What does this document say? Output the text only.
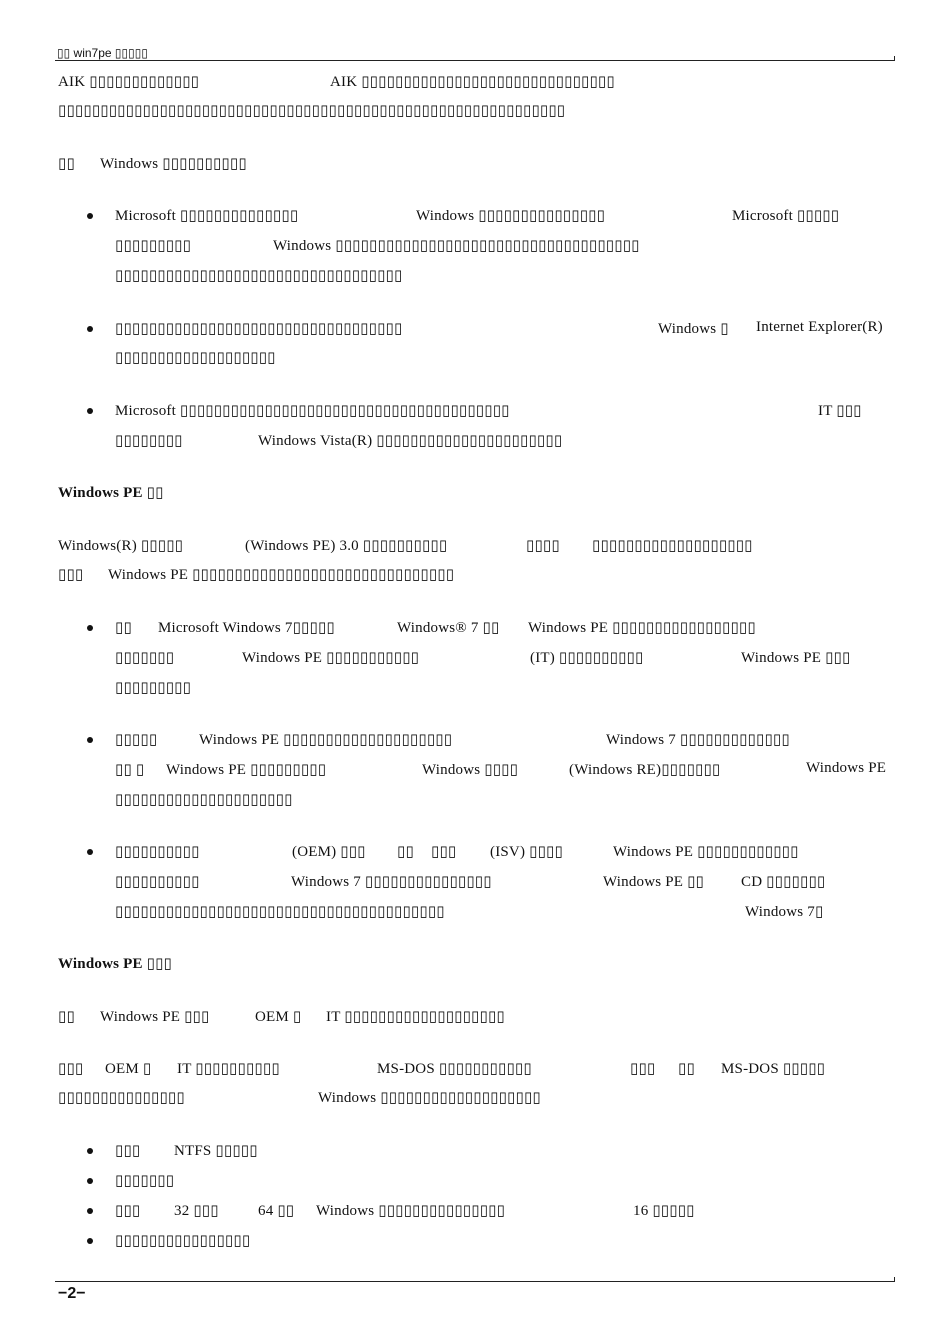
▯▯ win7pe ▯▯▯▯▯
AIK ▯▯▯▯▯▯▯▯▯▯▯▯▯	AIK ▯▯▯▯▯▯▯▯▯▯▯▯▯▯▯▯▯▯▯▯▯▯▯▯▯▯▯▯▯▯
▯▯▯▯▯▯▯▯▯▯▯▯▯▯▯▯▯▯▯▯▯▯▯▯▯▯▯▯▯▯▯▯▯▯▯▯▯▯▯▯▯▯▯▯▯▯▯▯▯▯▯▯▯▯▯▯▯▯▯▯
▯▯ Windows ▯▯▯▯▯▯▯▯▯▯
Microsoft ▯▯▯▯▯▯▯▯▯▯▯▯▯▯	Windows ▯▯▯▯▯▯▯▯▯▯▯▯▯▯▯	Microsoft ▯▯▯▯▯
▯▯▯▯▯▯▯▯▯	Windows ▯▯▯▯▯▯▯▯▯▯▯▯▯▯▯▯▯▯▯▯▯▯▯▯▯▯▯▯▯▯▯▯▯▯▯▯
▯▯▯▯▯▯▯▯▯▯▯▯▯▯▯▯▯▯▯▯▯▯▯▯▯▯▯▯▯▯▯▯▯▯
▯▯▯▯▯▯▯▯▯▯▯▯▯▯▯▯▯▯▯▯▯▯▯▯▯▯▯▯▯▯▯▯▯▯	Windows ▯ Internet Explorer(R)
▯▯▯▯▯▯▯▯▯▯▯▯▯▯▯▯▯▯▯
Microsoft ▯▯▯▯▯▯▯▯▯▯▯▯▯▯▯▯▯▯▯▯▯▯▯▯▯▯▯▯▯▯▯▯▯▯▯▯▯▯▯	IT ▯▯▯
▯▯▯▯▯▯▯▯	Windows Vista(R) ▯▯▯▯▯▯▯▯▯▯▯▯▯▯▯▯▯▯▯▯▯▯
Windows PE ▯▯
Windows(R) ▯▯▯▯▯	(Windows PE) 3.0 ▯▯▯▯▯▯▯▯▯▯	▯▯▯▯ ▯▯▯▯▯▯▯▯▯▯▯▯▯▯▯▯▯▯▯
▯▯▯ Windows PE ▯▯▯▯▯▯▯▯▯▯▯▯▯▯▯▯▯▯▯▯▯▯▯▯▯▯▯▯▯▯▯
▯▯ Microsoft Windows 7▯▯▯▯▯	Windows® 7 ▯▯ Windows PE ▯▯▯▯▯▯▯▯▯▯▯▯▯▯▯▯▯
▯▯▯▯▯▯▯	Windows PE ▯▯▯▯▯▯▯▯▯▯▯	(IT) ▯▯▯▯▯▯▯▯▯▯	Windows PE ▯▯▯
▯▯▯▯▯▯▯▯▯
▯▯▯▯▯	Windows PE ▯▯▯▯▯▯▯▯▯▯▯▯▯▯▯▯▯▯▯▯	Windows 7 ▯▯▯▯▯▯▯▯▯▯▯▯▯
▯▯ ▯ Windows PE ▯▯▯▯▯▯▯▯▯	Windows ▯▯▯▯	(Windows RE)▯▯▯▯▯▯▯	Windows PE
▯▯▯▯▯▯▯▯▯▯▯▯▯▯▯▯▯▯▯▯▯
▯▯▯▯▯▯▯▯▯▯	(OEM) ▯▯▯ ▯▯ ▯▯▯ (ISV) ▯▯▯▯	Windows PE ▯▯▯▯▯▯▯▯▯▯▯▯
▯▯▯▯▯▯▯▯▯▯	Windows 7 ▯▯▯▯▯▯▯▯▯▯▯▯▯▯▯	Windows PE ▯▯ CD ▯▯▯▯▯▯▯
▯▯▯▯▯▯▯▯▯▯▯▯▯▯▯▯▯▯▯▯▯▯▯▯▯▯▯▯▯▯▯▯▯▯▯▯▯▯▯	Windows 7▯
Windows PE ▯▯▯
▯▯ Windows PE ▯▯▯	OEM ▯ IT ▯▯▯▯▯▯▯▯▯▯▯▯▯▯▯▯▯▯▯
▯▯▯ OEM ▯ IT ▯▯▯▯▯▯▯▯▯▯	MS-DOS ▯▯▯▯▯▯▯▯▯▯▯	▯▯▯ ▯▯ MS-DOS ▯▯▯▯▯
▯▯▯▯▯▯▯▯▯▯▯▯▯▯▯	Windows ▯▯▯▯▯▯▯▯▯▯▯▯▯▯▯▯▯▯▯
▯▯▯ NTFS ▯▯▯▯▯
▯▯▯▯▯▯▯
▯▯▯ 32 ▯▯▯	64 ▯▯ Windows ▯▯▯▯▯▯▯▯▯▯▯▯▯▯▯	16 ▯▯▯▯▯
▯▯▯▯▯▯▯▯▯▯▯▯▯▯▯▯
−2−
